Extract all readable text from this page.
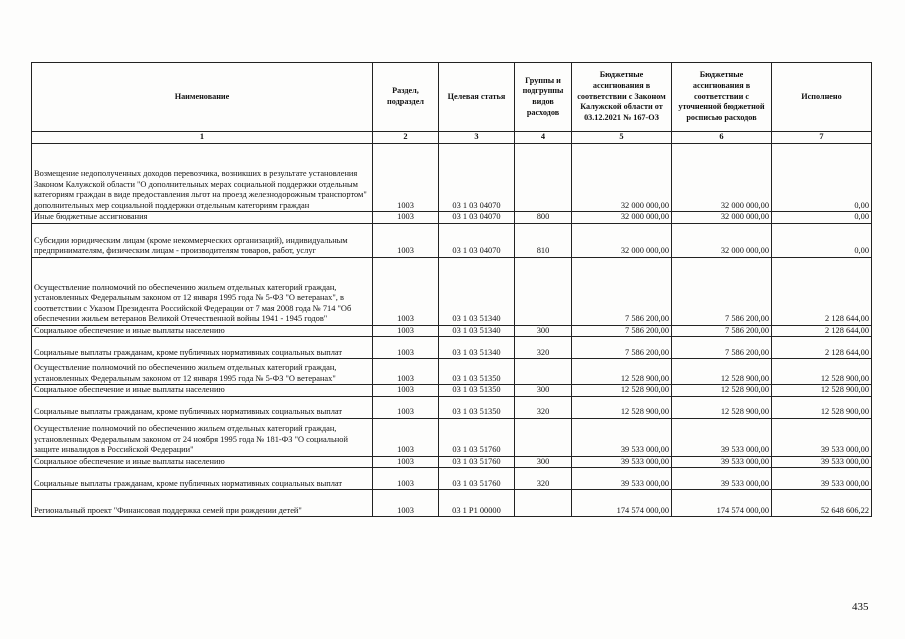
Наименование	Раздел, подраздел	Целевая статья	Группы и подгруппы видов расходов	Бюджетные ассигнования в соответствии с Законом Калужской области от 03.12.2021 № 167-ОЗ	Бюджетные ассигнования в соответствии с уточненной бюджетной росписью расходов	Исполнено
1	2	3	4	5	6	7
Возмещение недополученных доходов перевозчика, возникших в результате установления Законом Калужской области "О дополнительных мерах социальной поддержки отдельным категориям граждан в виде предоставления льгот на проезд железнодорожным транспортом" дополнительных мер социальной поддержки отдельным категориям граждан	1003	03 1 03 04070		32 000 000,00	32 000 000,00	0,00
Иные бюджетные ассигнования	1003	03 1 03 04070	800	32 000 000,00	32 000 000,00	0,00
Субсидии юридическим лицам (кроме некоммерческих организаций), индивидуальным предпринимателям, физическим лицам - производителям товаров, работ, услуг	1003	03 1 03 04070	810	32 000 000,00	32 000 000,00	0,00
Осуществление полномочий по обеспечению жильем отдельных категорий граждан, установленных Федеральным законом от 12 января 1995 года № 5-ФЗ "О ветеранах", в соответствии с Указом Президента Российской Федерации от 7 мая 2008 года № 714 "Об обеспечении жильем ветеранов Великой Отечественной войны 1941 - 1945 годов"	1003	03 1 03 51340		7 586 200,00	7 586 200,00	2 128 644,00
Социальное обеспечение и иные выплаты населению	1003	03 1 03 51340	300	7 586 200,00	7 586 200,00	2 128 644,00
Социальные выплаты гражданам, кроме публичных нормативных социальных выплат	1003	03 1 03 51340	320	7 586 200,00	7 586 200,00	2 128 644,00
Осуществление полномочий по обеспечению жильем отдельных категорий граждан, установленных Федеральным законом от 12 января 1995 года № 5-ФЗ "О ветеранах"	1003	03 1 03 51350		12 528 900,00	12 528 900,00	12 528 900,00
Социальное обеспечение и иные выплаты населению	1003	03 1 03 51350	300	12 528 900,00	12 528 900,00	12 528 900,00
Социальные выплаты гражданам, кроме публичных нормативных социальных выплат	1003	03 1 03 51350	320	12 528 900,00	12 528 900,00	12 528 900,00
Осуществление полномочий по обеспечению жильем отдельных категорий граждан, установленных Федеральным законом от 24 ноября 1995 года № 181-ФЗ "О социальной защите инвалидов в Российской Федерации"	1003	03 1 03 51760		39 533 000,00	39 533 000,00	39 533 000,00
Социальное обеспечение и иные выплаты населению	1003	03 1 03 51760	300	39 533 000,00	39 533 000,00	39 533 000,00
Социальные выплаты гражданам, кроме публичных нормативных социальных выплат	1003	03 1 03 51760	320	39 533 000,00	39 533 000,00	39 533 000,00
Региональный проект "Финансовая поддержка семей при рождении детей"	1003	03 1 P1 00000		174 574 000,00	174 574 000,00	52 648 606,22
435
